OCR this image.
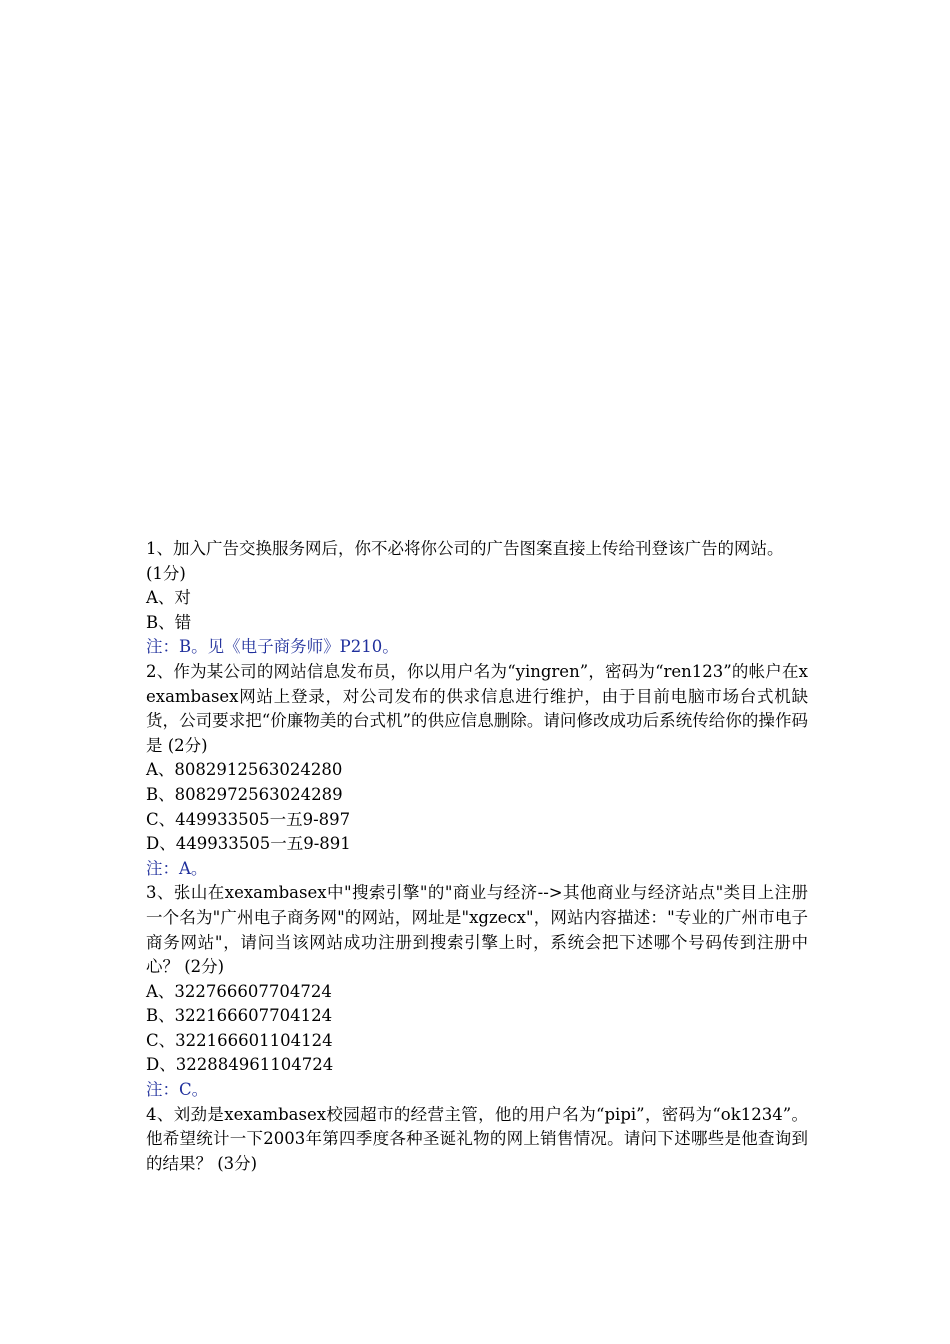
1、加入广告交换服务网后，你不必将你公司的广告图案直接上传给刊登该广告的网站。
(1分)
A、对
B、错
注：B。见《电子商务师》P210。
2、作为某公司的网站信息发布员，你以用户名为“yingren”，密码为“ren123”的帐户在xexambasex网站上登录，对公司发布的供求信息进行维护，由于目前电脑市场台式机缺货，公司要求把“价廉物美的台式机”的供应信息删除。请问修改成功后系统传给你的操作码是 (2分)
A、8082912563024280
B、8082972563024289
C、449933505一五9-897
D、449933505一五9-891
注：A。
3、张山在xexambasex中"搜索引擎"的"商业与经济-->其他商业与经济站点"类目上注册一个名为"广州电子商务网"的网站，网址是"xgzecx"，网站内容描述："专业的广州市电子商务网站"，请问当该网站成功注册到搜索引擎上时，系统会把下述哪个号码传到注册中心？ (2分)
A、322766607704724
B、322166607704124
C、322166601104124
D、322884961104724
注：C。
4、刘劲是xexambasex校园超市的经营主管，他的用户名为“pipi”，密码为“ok1234”。他希望统计一下2003年第四季度各种圣诞礼物的网上销售情况。请问下述哪些是他查询到的结果？ (3分)
